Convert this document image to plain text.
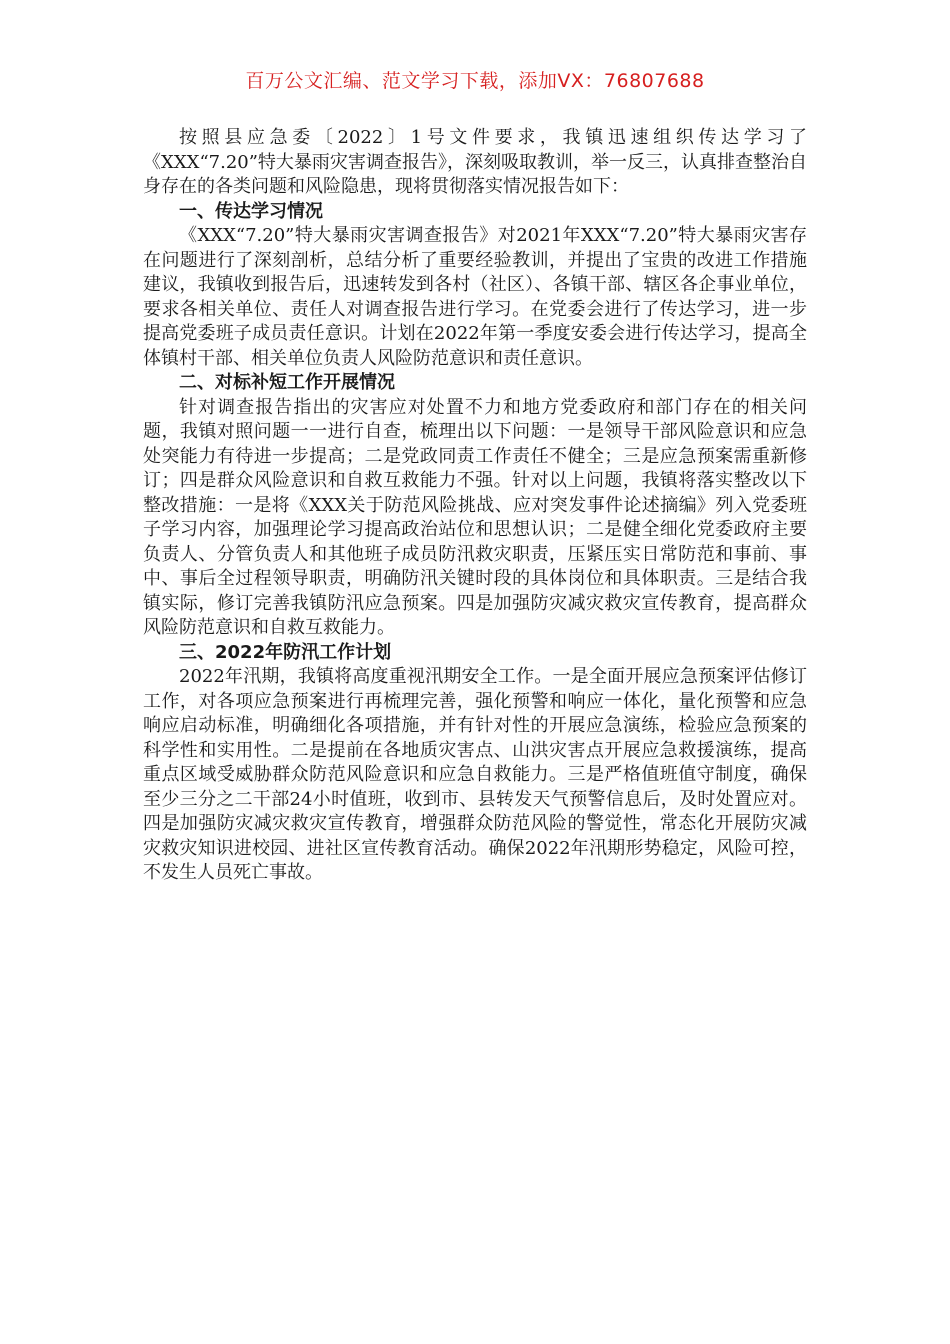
百万公文汇编、范文学习下载，添加VX：76807688

按照县应急委〔2022〕1号文件要求，我镇迅速组织传达学习了《XXX“7.20”特大暴雨灾害调查报告》，深刻吸取教训，举一反三，认真排查整治自身存在的各类问题和风险隐患，现将贯彻落实情况报告如下：

一、传达学习情况

《XXX“7.20”特大暴雨灾害调查报告》对2021年XXX“7.20”特大暴雨灾害存在问题进行了深刻剖析，总结分析了重要经验教训，并提出了宝贵的改进工作措施建议，我镇收到报告后，迅速转发到各村（社区）、各镇干部、辖区各企事业单位，要求各相关单位、责任人对调查报告进行学习。在党委会进行了传达学习，进一步提高党委班子成员责任意识。计划在2022年第一季度安委会进行传达学习，提高全体镇村干部、相关单位负责人风险防范意识和责任意识。

二、对标补短工作开展情况

针对调查报告指出的灾害应对处置不力和地方党委政府和部门存在的相关问题，我镇对照问题一一进行自查，梳理出以下问题：一是领导干部风险意识和应急处突能力有待进一步提高；二是党政同责工作责任不健全；三是应急预案需重新修订；四是群众风险意识和自救互救能力不强。针对以上问题，我镇将落实整改以下整改措施：一是将《XXX关于防范风险挑战、应对突发事件论述摘编》列入党委班子学习内容，加强理论学习提高政治站位和思想认识；二是健全细化党委政府主要负责人、分管负责人和其他班子成员防汛救灾职责，压紧压实日常防范和事前、事中、事后全过程领导职责，明确防汛关键时段的具体岗位和具体职责。三是结合我镇实际，修订完善我镇防汛应急预案。四是加强防灾减灾救灾宣传教育，提高群众风险防范意识和自救互救能力。

三、2022年防汛工作计划

2022年汛期，我镇将高度重视汛期安全工作。一是全面开展应急预案评估修订工作，对各项应急预案进行再梳理完善，强化预警和响应一体化，量化预警和应急响应启动标准，明确细化各项措施，并有针对性的开展应急演练，检验应急预案的科学性和实用性。二是提前在各地质灾害点、山洪灾害点开展应急救援演练，提高重点区域受威胁群众防范风险意识和应急自救能力。三是严格值班值守制度，确保至少三分之二干部24小时值班，收到市、县转发天气预警信息后，及时处置应对。四是加强防灾减灾救灾宣传教育，增强群众防范风险的警觉性，常态化开展防灾减灾救灾知识进校园、进社区宣传教育活动。确保2022年汛期形势稳定，风险可控，不发生人员死亡事故。
